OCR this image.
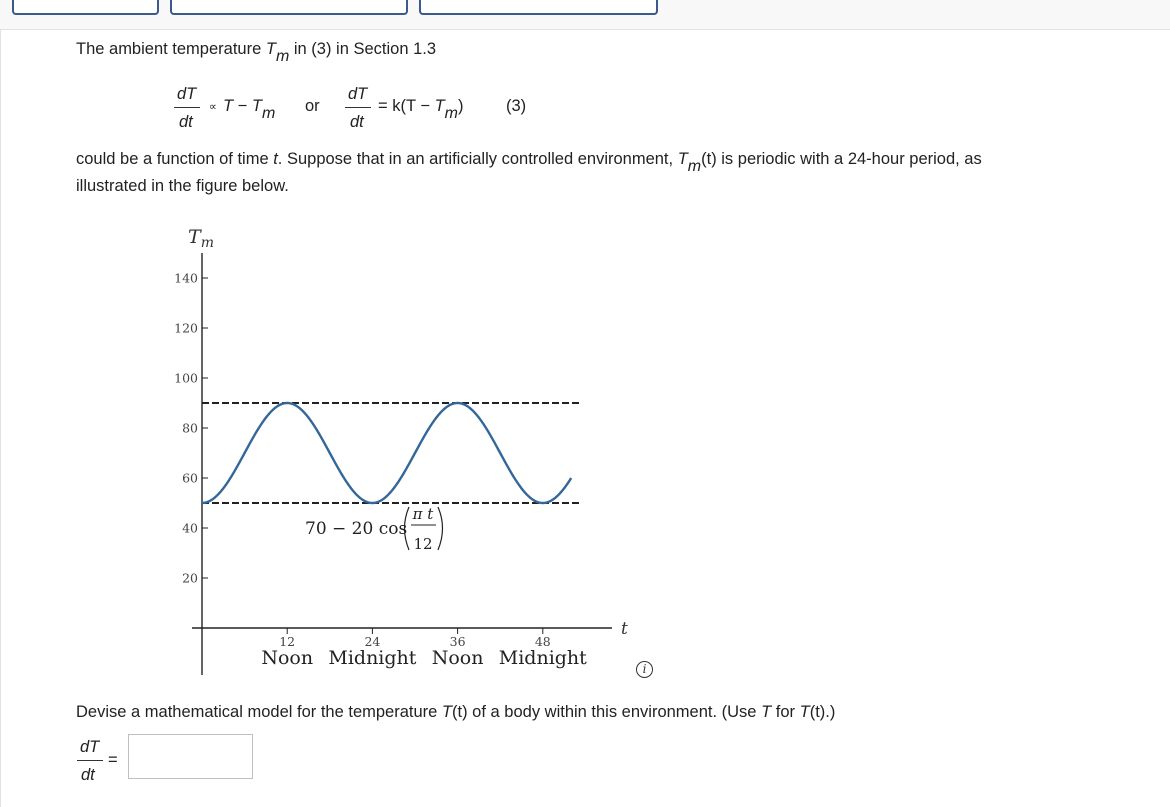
The ambient temperature Tm in (3) in Section 1.3
dT
dt
∝ T − Tm or
dT
dt
= k(T − Tm)	(3)
could be a function of time t. Suppose that in an artificially controlled environment, Tm(t) is periodic with a 24-hour period, as
illustrated in the figure below.
20
40
60
80
100
120
140
12
Noon
24
Midnight
36
Noon
48
Midnight
$T_m$
t
70 − 20 cos
π t
12
i
Devise a mathematical model for the temperature T(t) of a body within this environment. (Use T for T(t).)
dT
dt
=
